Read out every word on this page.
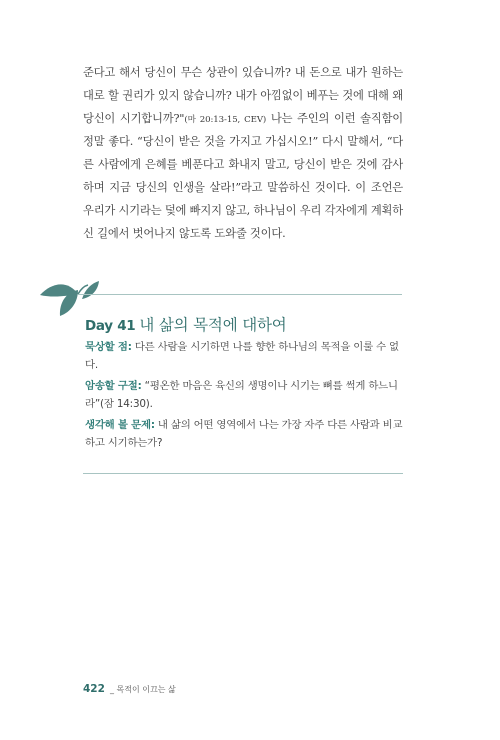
준다고 해서 당신이 무슨 상관이 있습니까? 내 돈으로 내가 원하는 대로 할 권리가 있지 않습니까? 내가 아낌없이 베푸는 것에 대해 왜 당신이 시기합니까?"(마 20:13-15, CEV) 나는 주인의 이런 솔직함이 정말 좋다. “당신이 받은 것을 가지고 가십시오!” 다시 말해서, “다른 사람에게 은혜를 베푼다고 화내지 말고, 당신이 받은 것에 감사하며 지금 당신의 인생을 살라!”라고 말씀하신 것이다. 이 조언은 우리가 시기라는 덫에 빠지지 않고, 하나님이 우리 각자에게 계획하신 길에서 벗어나지 않도록 도와줄 것이다.

Day 41 내 삶의 목적에 대하여

묵상할 점: 다른 사람을 시기하면 나를 향한 하나님의 목적을 이룰 수 없다.

암송할 구절: “평온한 마음은 육신의 생명이나 시기는 뼈를 썩게 하느니라”(잠 14:30).

생각해 볼 문제: 내 삶의 어떤 영역에서 나는 가장 자주 다른 사람과 비교하고 시기하는가?

422 _ 목적이 이끄는 삶
